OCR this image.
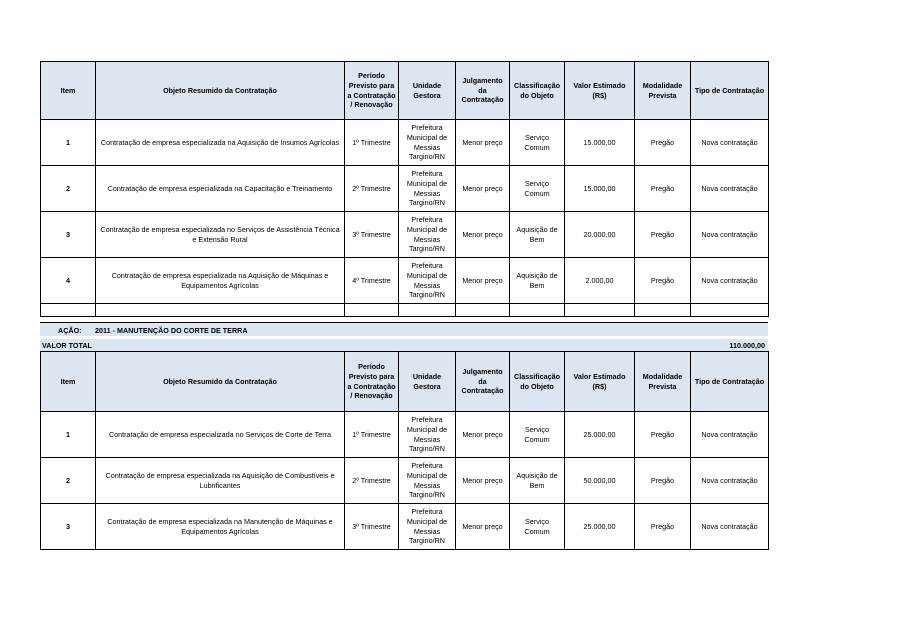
Item	Objeto Resumido da Contratação	Período Previsto para a Contratação / Renovação	Unidade Gestora	Julgamento da Contratação	Classificação do Objeto	Valor Estimado (R$)	Modalidade Prevista	Tipo de Contratação
1	Contratação de empresa especializada na Aquisição de Insumos Agrícolas	1º Trimestre	Prefeitura Municipal de Messias Targino/RN	Menor preço	Serviço Comum	15.000,00	Pregão	Nova contratação
2	Contratação de empresa especializada na Capacitação e Treinamento	2º Trimestre	Prefeitura Municipal de Messias Targino/RN	Menor preço	Serviço Comum	15.000,00	Pregão	Nova contratação
3	Contratação de empresa especializada no Serviços de Assistência Técnica e Extensão Rural	3º Trimestre	Prefeitura Municipal de Messias Targino/RN	Menor preço	Aquisição de Bem	20.000,00	Pregão	Nova contratação
4	Contratação de empresa especializada na Aquisição de Máquinas e Equipamentos Agrícolas	4º Trimestre	Prefeitura Municipal de Messias Targino/RN	Menor preço	Aquisição de Bem	2.000,00	Pregão	Nova contratação

AÇÃO: 2011 - MANUTENÇÃO DO CORTE DE TERRA
VALOR TOTAL	110.000,00
Item	Objeto Resumido da Contratação	Período Previsto para a Contratação / Renovação	Unidade Gestora	Julgamento da Contratação	Classificação do Objeto	Valor Estimado (R$)	Modalidade Prevista	Tipo de Contratação
1	Contratação de empresa especializada no Serviços de Corte de Terra	1º Trimestre	Prefeitura Municipal de Messias Targino/RN	Menor preço	Serviço Comum	25.000,00	Pregão	Nova contratação
2	Contratação de empresa especializada na Aquisição de Combustíveis e Lubrificantes	2º Trimestre	Prefeitura Municipal de Messias Targino/RN	Menor preço	Aquisição de Bem	50.000,00	Pregão	Nova contratação
3	Contratação de empresa especializada na Manutenção de Máquinas e Equipamentos Agrícolas	3º Trimestre	Prefeitura Municipal de Messias Targino/RN	Menor preço	Serviço Comum	25.000,00	Pregão	Nova contratação
